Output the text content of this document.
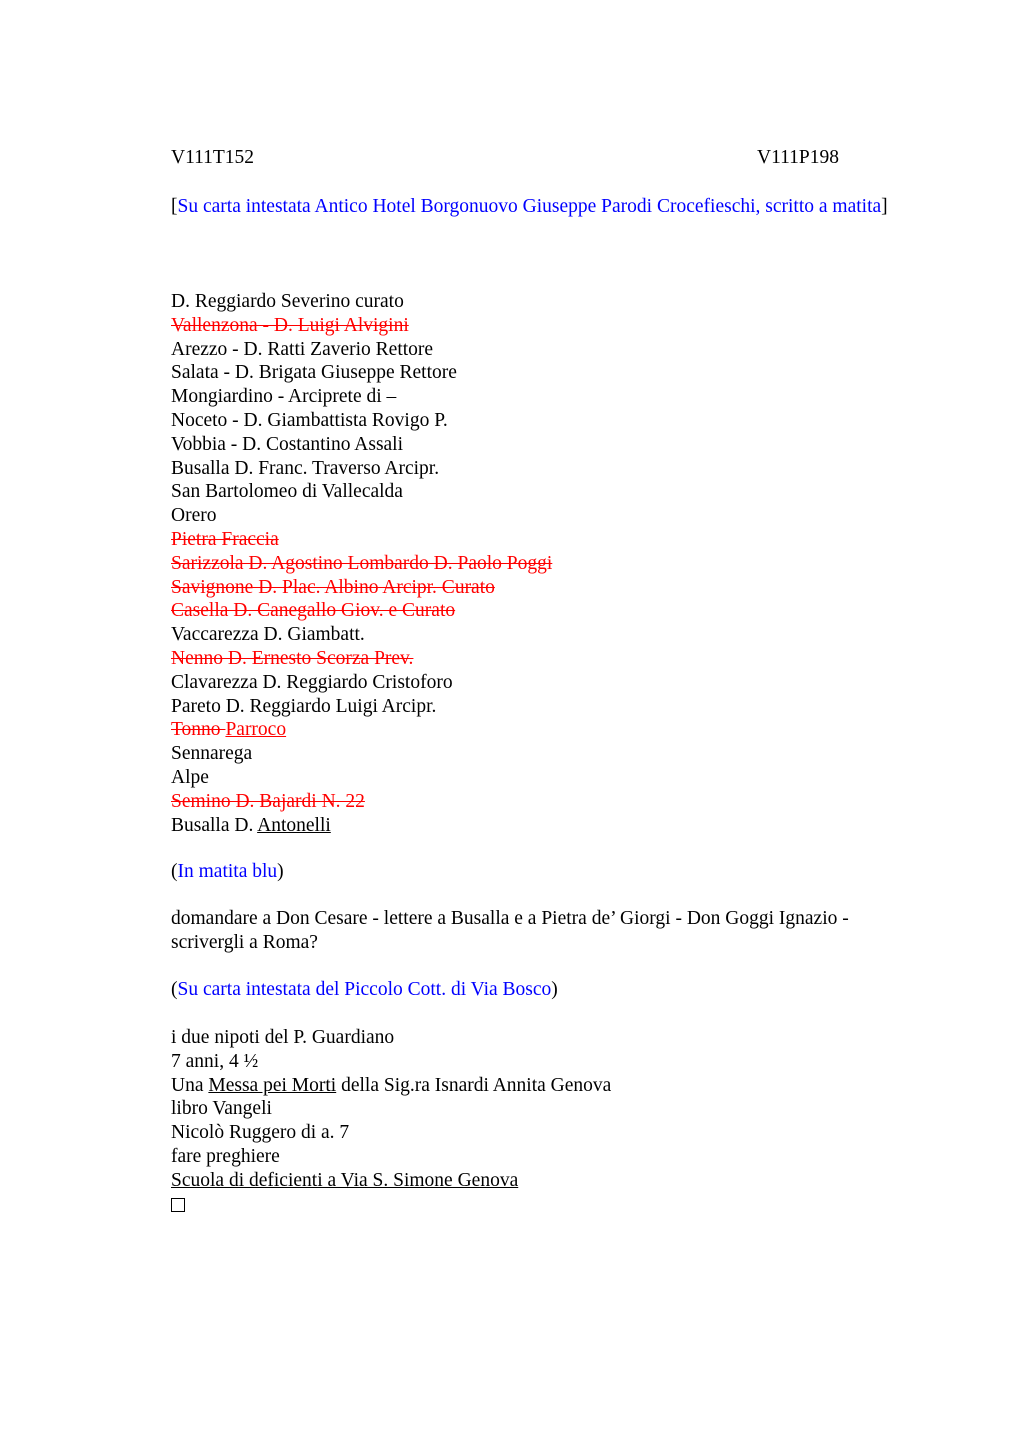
V111T152	V111P198
[Su carta intestata Antico Hotel Borgonuovo Giuseppe Parodi Crocefieschi, scritto a matita]
D. Reggiardo Severino curato
Vallenzona - D. Luigi Alvigini
Arezzo - D. Ratti Zaverio Rettore
Salata - D. Brigata Giuseppe Rettore
Mongiardino - Arciprete di –
Noceto - D. Giambattista Rovigo P.
Vobbia - D. Costantino Assali
Busalla D. Franc. Traverso Arcipr.
San Bartolomeo di Vallecalda
Orero
Pietra Fraccia
Sarizzola D. Agostino Lombardo D. Paolo Poggi
Savignone D. Plac. Albino Arcipr. Curato
Casella D. Canegallo Giov. e Curato
Vaccarezza D. Giambatt.
Nenno D. Ernesto Scorza Prev.
Clavarezza D. Reggiardo Cristoforo
Pareto D. Reggiardo Luigi Arcipr.
Tonno Parroco
Sennarega
Alpe
Semino D. Bajardi N. 22
Busalla D. Antonelli
(In matita blu)
domandare a Don Cesare - lettere a Busalla e a Pietra de’ Giorgi - Don Goggi Ignazio - scrivergli a Roma?
(Su carta intestata del Piccolo Cott. di Via Bosco)
i due nipoti del P. Guardiano
7 anni, 4 ½
Una Messa pei Morti della Sig.ra Isnardi Annita Genova
libro Vangeli
Nicolò Ruggero di a. 7
fare preghiere
Scuola di deficienti a Via S. Simone Genova
